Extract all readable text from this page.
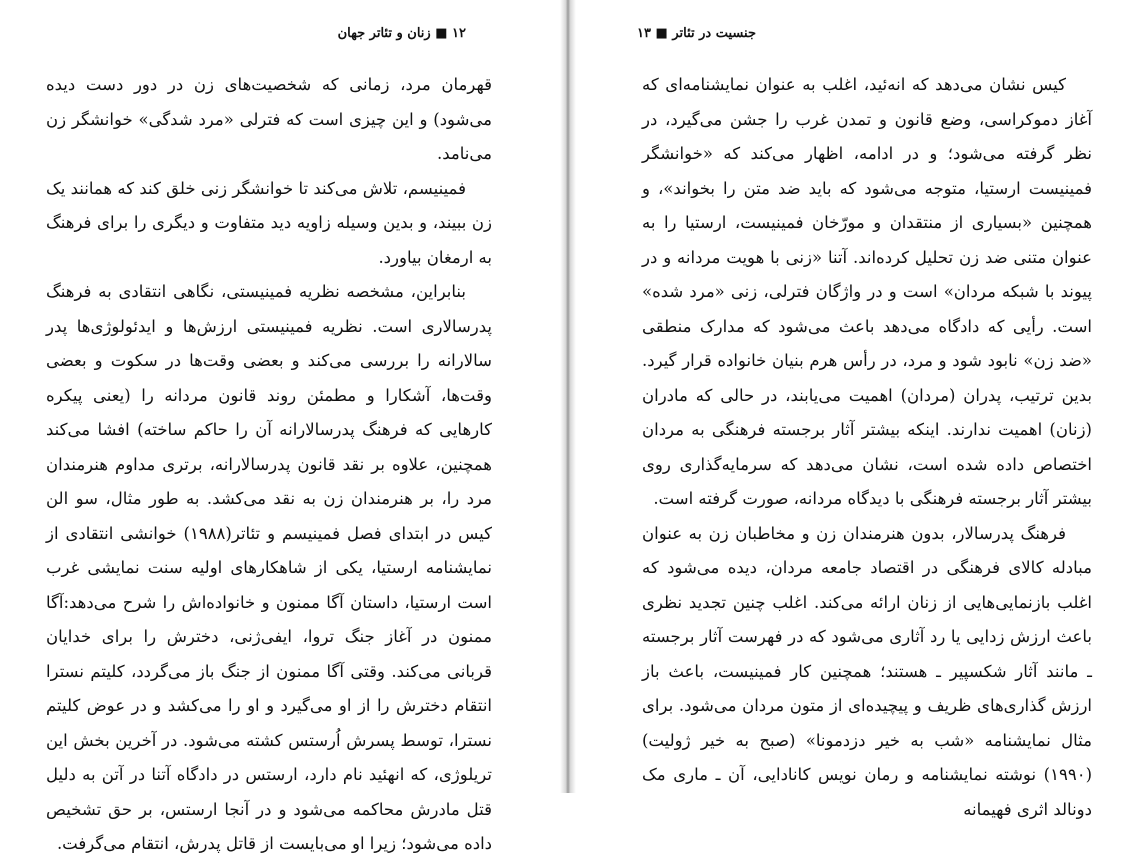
۱۲ ■ زنان و تئاتر جهان

قهرمان مرد، زمانی که شخصیت‌های زن در دور دست دیده می‌شود) و این چیزی است که فترلی «مرد شدگی» خوانشگر زن می‌نامد.

فمینیسم، تلاش می‌کند تا خوانشگر زنی خلق کند که همانند یک زن ببیند، و بدین وسیله زاویه دید متفاوت و دیگری را برای فرهنگ به ارمغان بیاورد.

بنابراین، مشخصه نظریه فمینیستی، نگاهی انتقادی به فرهنگ پدرسالاری است. نظریه فمینیستی ارزش‌ها و ایدئولوژی‌ها پدر سالارانه را بررسی می‌کند و بعضی وقت‌ها در سکوت و بعضی وقت‌ها، آشکارا و مطمئن روند قانون مردانه را (یعنی پیکره کارهایی که فرهنگ پدرسالارانه آن را حاکم ساخته) افشا می‌کند همچنین، علاوه بر نقد قانون پدرسالارانه، برتری مداوم هنرمندان مرد را، بر هنرمندان زن به نقد می‌کشد. به طور مثال، سو الن کیس در ابتدای فصل فمینیسم و تئاتر(۱۹۸۸) خوانشی انتقادی از نمایشنامه ارستیا، یکی از شاهکارهای اولیه سنت نمایشی غرب است ارستیا، داستان آگا ممنون و خانواده‌اش را شرح می‌دهد:آگا ممنون در آغاز جنگ تروا، ایفی‌ژنی، دخترش را برای خدایان قربانی می‌کند. وقتی آگا ممنون از جنگ باز می‌گردد، کلیتم نسترا انتقام دخترش را از او می‌گیرد و او را می‌کشد و در عوض کلیتم نسترا، توسط پسرش اُرستس کشته می‌شود. در آخرین بخش این تریلوژی، که انهئید نام دارد، ارستس در دادگاه آتنا در آتن به دلیل قتل مادرش محاکمه می‌شود و در آنجا ارستس، بر حق تشخیص داده می‌شود؛ زیرا او می‌بایست از قاتل پدرش، انتقام می‌گرفت.

جنسیت در تئاتر ■ ۱۳

کیس نشان می‌دهد که انه‌ئید، اغلب به عنوان نمایشنامه‌ای که آغاز دموکراسی، وضع قانون و تمدن غرب را جشن می‌گیرد، در نظر گرفته می‌شود؛ و در ادامه، اظهار می‌کند که «خوانشگر فمینیست ارستیا، متوجه می‌شود که باید ضد متن را بخواند»، و همچنین «بسیاری از منتقدان و مورّخان فمینیست، ارستیا را به عنوان متنی ضد زن تحلیل کرده‌اند. آتنا «زنی با هویت مردانه و در پیوند با شبکه مردان» است و در واژگان فترلی، زنی «مرد شده» است. رأیی که دادگاه می‌دهد باعث می‌شود که مدارک منطقی «ضد زن» نابود شود و مرد، در رأس هرم بنیان خانواده قرار گیرد. بدین ترتیب، پدران (مردان) اهمیت می‌یابند، در حالی که مادران (زنان) اهمیت ندارند. اینکه بیشتر آثار برجسته فرهنگی به مردان اختصاص داده شده است، نشان می‌دهد که سرمایه‌گذاری روی بیشتر آثار برجسته فرهنگی با دیدگاه مردانه، صورت گرفته است.

فرهنگ پدرسالار، بدون هنرمندان زن و مخاطبان زن به عنوان مبادله کالای فرهنگی در اقتصاد جامعه مردان، دیده می‌شود که اغلب بازنمایی‌هایی از زنان ارائه می‌کند. اغلب چنین تجدید نظری باعث ارزش زدایی یا رد آثاری می‌شود که در فهرست آثار برجسته ـ مانند آثار شکسپیر ـ هستند؛ همچنین کار فمینیست، باعث باز ارزش گذاری‌های ظریف و پیچیده‌ای از متون مردان می‌شود. برای مثال نمایشنامه «شب به خیر دزدمونا» (صبح به خیر ژولیت) (۱۹۹۰) نوشته نمایشنامه و رمان نویس کانادایی، آن ـ ماری مک دونالد اثری فهیمانه
